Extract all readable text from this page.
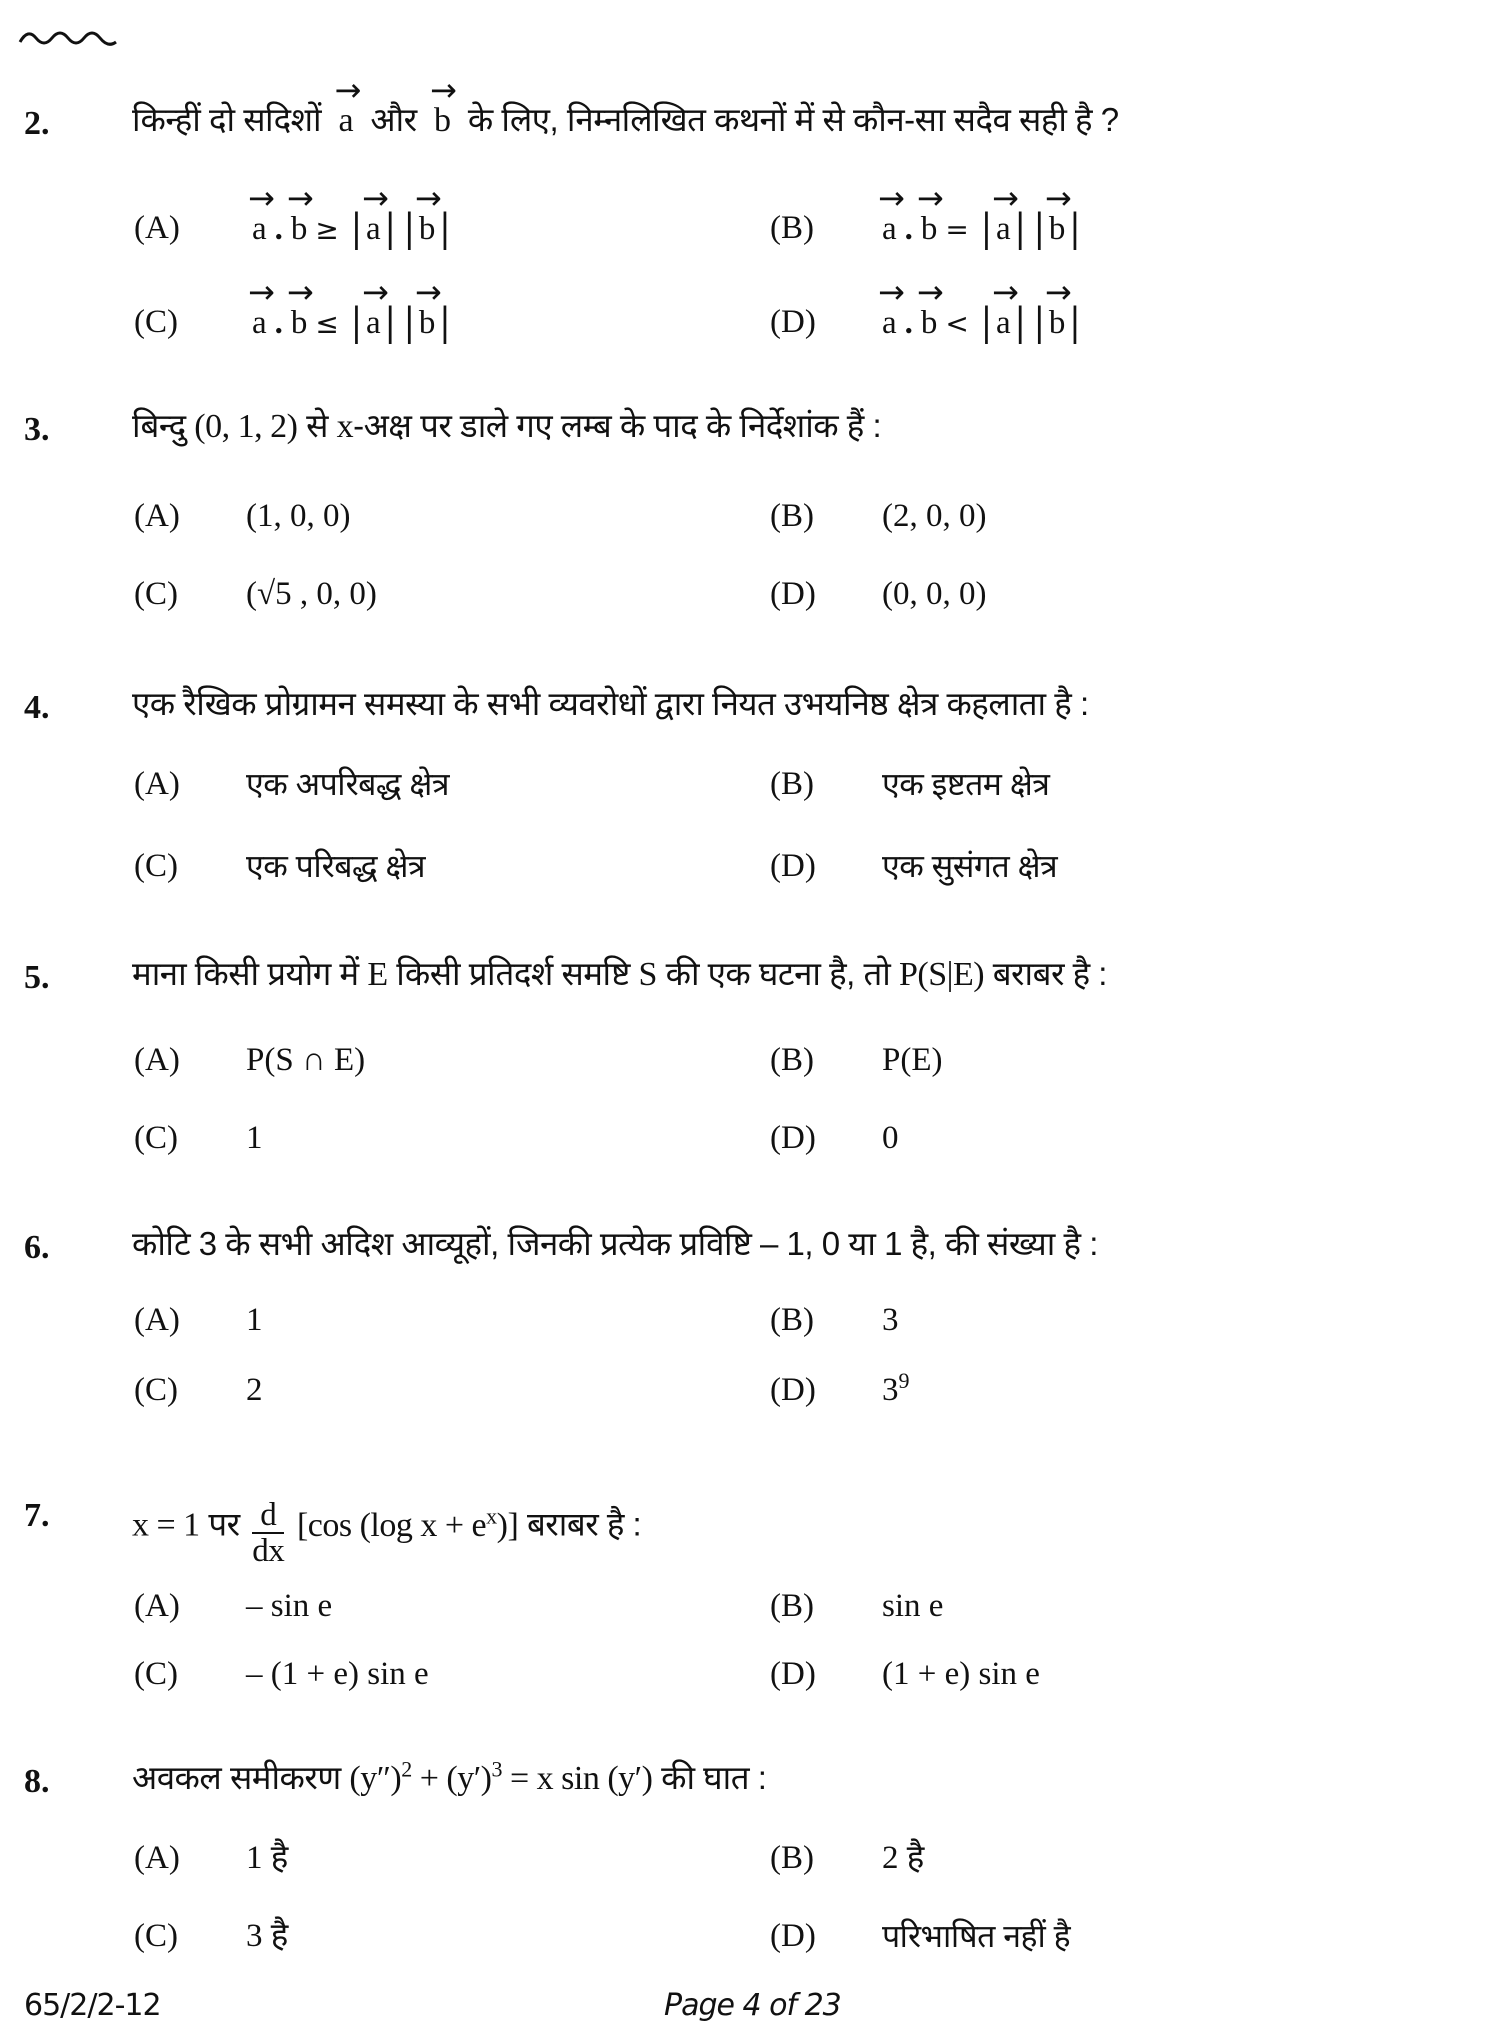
2.	किन्हीं दो सदिशों → a और → b के लिए, निम्नलिखित कथनों में से कौन-सा सदैव सही है ?
(A) → a . → b ≥ | → a | | → b |	(B) → a . → b = | → a | | → b |
(C) → a . → b ≤ | → a | | → b |	(D) → a . → b < | → a | | → b |
3.	बिन्दु (0, 1, 2) से x-अक्ष पर डाले गए लम्ब के पाद के निर्देशांक हैं :
(A) (1, 0, 0)	(B) (2, 0, 0)
(C) (√5 , 0, 0)	(D) (0, 0, 0)
4.	एक रैखिक प्रोग्रामन समस्या के सभी व्यवरोधों द्वारा नियत उभयनिष्ठ क्षेत्र कहलाता है :
(A) एक अपरिबद्ध क्षेत्र	(B) एक इष्टतम क्षेत्र
(C) एक परिबद्ध क्षेत्र	(D) एक सुसंगत क्षेत्र
5.	माना किसी प्रयोग में E किसी प्रतिदर्श समष्टि S की एक घटना है, तो P(S|E) बराबर है :
(A) P(S ∩ E)	(B) P(E)
(C) 1	(D) 0
6.	कोटि 3 के सभी अदिश आव्यूहों, जिनकी प्रत्येक प्रविष्टि – 1, 0 या 1 है, की संख्या है :
(A) 1	(B) 3
(C) 2	(D) $3^9$
7. x = 1 पर $\frac{d}{dx} [\cos$ (log $x + e^x$)] बराबर है :
(A) – sin e	(B) sin e
(C) – (1 + e) sin e	(D) (1 + e) sin e
8.	अवकल समीकरण $(y'')^2 + (y')^3 = x$ sin (y′) की घात :
(A) 1 है	(B) 2 है
(C) 3 है	(D) परिभाषित नहीं है
65/2/2-12	Page 4 of 23
